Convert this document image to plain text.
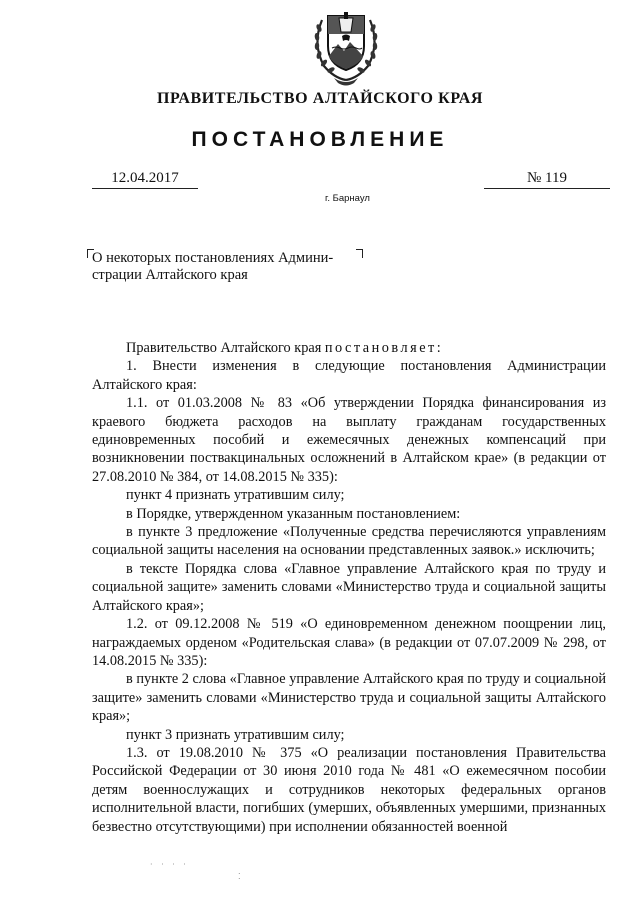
ПРАВИТЕЛЬСТВО АЛТАЙСКОГО КРАЯ
ПОСТАНОВЛЕНИЕ
12.04.2017	№ 119
г. Барнаул
О некоторых постановлениях Админи-
страции Алтайского края

Правительство Алтайского края постановляет:

1. Внести изменения в следующие постановления Администрации Алтайского края:

1.1. от 01.03.2008 № 83 «Об утверждении Порядка финансирования из краевого бюджета расходов на выплату гражданам государственных единовременных пособий и ежемесячных денежных компенсаций при возникновении поствакцинальных осложнений в Алтайском крае» (в редакции от 27.08.2010 № 384, от 14.08.2015 № 335):

пункт 4 признать утратившим силу;

в Порядке, утвержденном указанным постановлением:

в пункте 3 предложение «Полученные средства перечисляются управлениям социальной защиты населения на основании представленных заявок.» исключить;

в тексте Порядка слова «Главное управление Алтайского края по труду и социальной защите» заменить словами «Министерство труда и социальной защиты Алтайского края»;

1.2. от 09.12.2008 № 519 «О единовременном денежном поощрении лиц, награждаемых орденом «Родительская слава» (в редакции от 07.07.2009 № 298, от 14.08.2015 № 335):

в пункте 2 слова «Главное управление Алтайского края по труду и социальной защите» заменить словами «Министерство труда и социальной защиты Алтайского края»;

пункт 3 признать утратившим силу;

1.3. от 19.08.2010 № 375 «О реализации постановления Правительства Российской Федерации от 30 июня 2010 года № 481 «О ежемесячном пособии детям военнослужащих и сотрудников некоторых федеральных органов исполнительной власти, погибших (умерших, объявленных умершими, признанных безвестно отсутствующими) при исполнении обязанностей военной

· · · ·
⁚
